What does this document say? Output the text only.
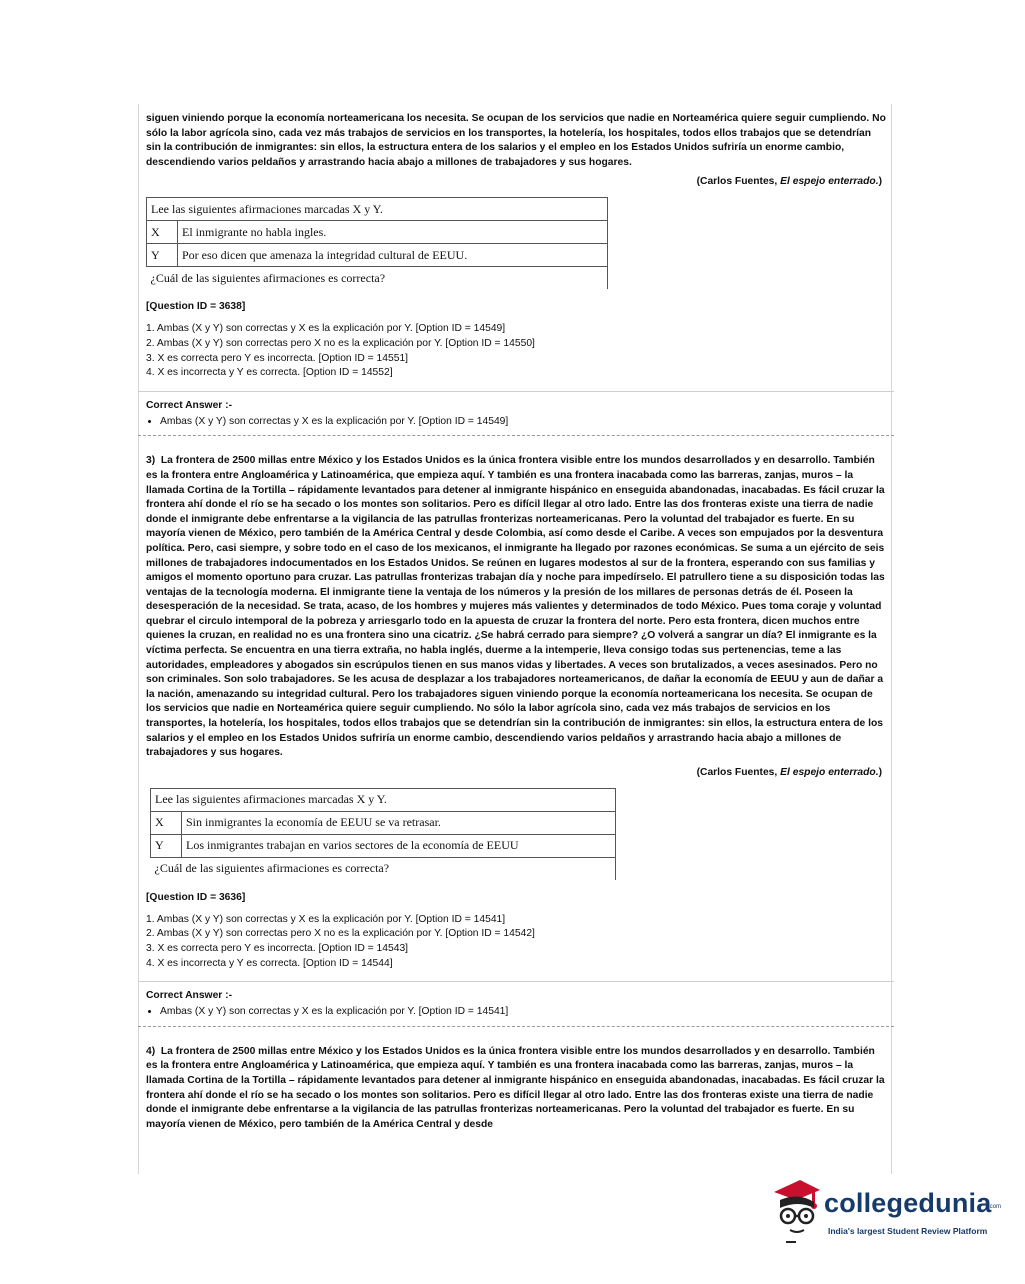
siguen viniendo porque la economía norteamericana los necesita. Se ocupan de los servicios que nadie en Norteamérica quiere seguir cumpliendo. No sólo la labor agrícola sino, cada vez más trabajos de servicios en los transportes, la hotelería, los hospitales, todos ellos trabajos que se detendrían sin la contribución de inmigrantes: sin ellos, la estructura entera de los salarios y el empleo en los Estados Unidos sufriría un enorme cambio, descendiendo varios peldaños y arrastrando hacia abajo a millones de trabajadores y sus hogares.

(Carlos Fuentes, El espejo enterrado.)
Lee las siguientes afirmaciones marcadas X y Y.	
X	El inmigrante no habla ingles.
Y	Por eso dicen que amenaza la integridad cultural de EEUU.
¿Cuál de las siguientes afirmaciones es correcta?	
[Question ID = 3638]
1. Ambas (X y Y) son correctas y X es la explicación por Y. [Option ID = 14549]
2. Ambas (X y Y) son correctas pero X no es la explicación por Y. [Option ID = 14550]
3. X es correcta pero Y es incorrecta. [Option ID = 14551]
4. X es incorrecta y Y es correcta. [Option ID = 14552]
Correct Answer :-
• Ambas (X y Y) son correctas y X es la explicación por Y. [Option ID = 14549]

3) La frontera de 2500 millas entre México y los Estados Unidos es la única frontera visible entre los mundos desarrollados y en desarrollo. También es la frontera entre Angloamérica y Latinoamérica, que empieza aquí. Y también es una frontera inacabada como las barreras, zanjas, muros – la llamada Cortina de la Tortilla – rápidamente levantados para detener al inmigrante hispánico en enseguida abandonadas, inacabadas. Es fácil cruzar la frontera ahí donde el río se ha secado o los montes son solitarios. Pero es difícil llegar al otro lado. Entre las dos fronteras existe una tierra de nadie donde el inmigrante debe enfrentarse a la vigilancia de las patrullas fronterizas norteamericanas. Pero la voluntad del trabajador es fuerte. En su mayoría vienen de México, pero también de la América Central y desde Colombia, así como desde el Caribe. A veces son empujados por la desventura política. Pero, casi siempre, y sobre todo en el caso de los mexicanos, el inmigrante ha llegado por razones económicas. Se suma a un ejército de seis millones de trabajadores indocumentados en los Estados Unidos. Se reúnen en lugares modestos al sur de la frontera, esperando con sus familias y amigos el momento oportuno para cruzar. Las patrullas fronterizas trabajan día y noche para impedírselo. El patrullero tiene a su disposición todas las ventajas de la tecnología moderna. El inmigrante tiene la ventaja de los números y la presión de los millares de personas detrás de él. Poseen la desesperación de la necesidad. Se trata, acaso, de los hombres y mujeres más valientes y determinados de todo México. Pues toma coraje y voluntad quebrar el circulo intemporal de la pobreza y arriesgarlo todo en la apuesta de cruzar la frontera del norte. Pero esta frontera, dicen muchos entre quienes la cruzan, en realidad no es una frontera sino una cicatriz. ¿Se habrá cerrado para siempre? ¿O volverá a sangrar un día? El inmigrante es la víctima perfecta. Se encuentra en una tierra extraña, no habla inglés, duerme a la intemperie, lleva consigo todas sus pertenencias, teme a las autoridades, empleadores y abogados sin escrúpulos tienen en sus manos vidas y libertades. A veces son brutalizados, a veces asesinados. Pero no son criminales. Son solo trabajadores. Se les acusa de desplazar a los trabajadores norteamericanos, de dañar la economía de EEUU y aun de dañar a la nación, amenazando su integridad cultural. Pero los trabajadores siguen viniendo porque la economía norteamericana los necesita. Se ocupan de los servicios que nadie en Norteamérica quiere seguir cumpliendo. No sólo la labor agrícola sino, cada vez más trabajos de servicios en los transportes, la hotelería, los hospitales, todos ellos trabajos que se detendrían sin la contribución de inmigrantes: sin ellos, la estructura entera de los salarios y el empleo en los Estados Unidos sufriría un enorme cambio, descendiendo varios peldaños y arrastrando hacia abajo a millones de trabajadores y sus hogares.

(Carlos Fuentes, El espejo enterrado.)
Lee las siguientes afirmaciones marcadas X y Y.	
X	Sin inmigrantes la economía de EEUU se va retrasar.
Y	Los inmigrantes trabajan en varios sectores de la economía de EEUU
¿Cuál de las siguientes afirmaciones es correcta?	
[Question ID = 3636]
1. Ambas (X y Y) son correctas y X es la explicación por Y. [Option ID = 14541]
2. Ambas (X y Y) son correctas pero X no es la explicación por Y. [Option ID = 14542]
3. X es correcta pero Y es incorrecta. [Option ID = 14543]
4. X es incorrecta y Y es correcta. [Option ID = 14544]
Correct Answer :-
• Ambas (X y Y) son correctas y X es la explicación por Y. [Option ID = 14541]

4) La frontera de 2500 millas entre México y los Estados Unidos es la única frontera visible entre los mundos desarrollados y en desarrollo. También es la frontera entre Angloamérica y Latinoamérica, que empieza aquí. Y también es una frontera inacabada como las barreras, zanjas, muros – la llamada Cortina de la Tortilla – rápidamente levantados para detener al inmigrante hispánico en enseguida abandonadas, inacabadas. Es fácil cruzar la frontera ahí donde el río se ha secado o los montes son solitarios. Pero es difícil llegar al otro lado. Entre las dos fronteras existe una tierra de nadie donde el inmigrante debe enfrentarse a la vigilancia de las patrullas fronterizas norteamericanas. Pero la voluntad del trabajador es fuerte. En su mayoría vienen de México, pero también de la América Central y desde

collegedunia
.com
India's largest Student Review Platform
